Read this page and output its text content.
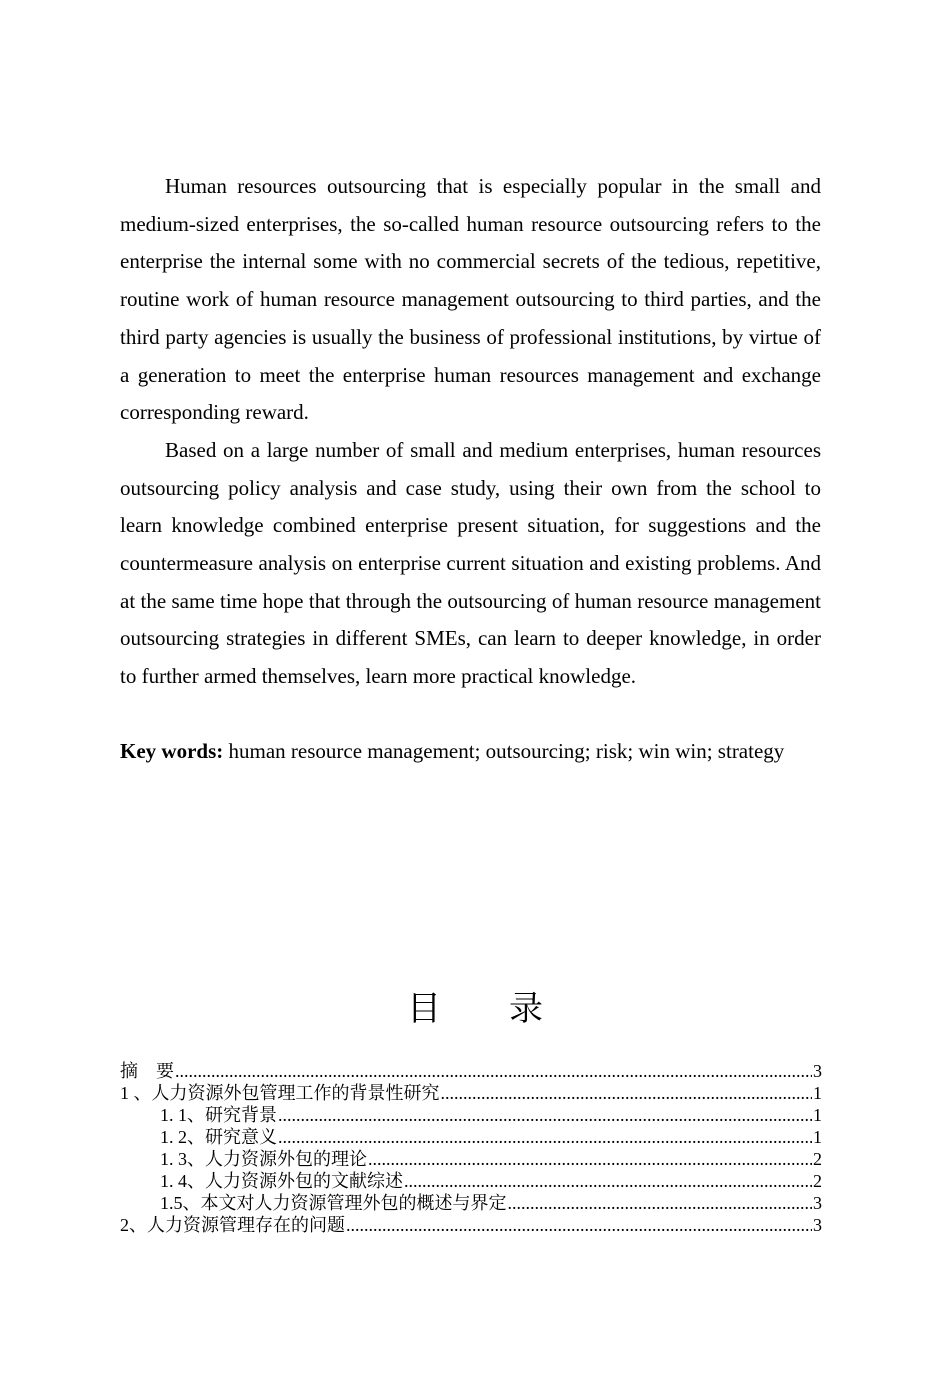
Human resources outsourcing that is especially popular in the small and medium-sized enterprises, the so-called human resource outsourcing refers to the enterprise the internal some with no commercial secrets of the tedious, repetitive, routine work of human resource management outsourcing to third parties, and the third party agencies is usually the business of professional institutions, by virtue of a generation to meet the enterprise human resources management and exchange corresponding reward.

Based on a large number of small and medium enterprises, human resources outsourcing policy analysis and case study, using their own from the school to learn knowledge combined enterprise present situation, for suggestions and the countermeasure analysis on enterprise current situation and existing problems. And at the same time hope that through the outsourcing of human resource management outsourcing strategies in different SMEs, can learn to deeper knowledge, in order to further armed themselves, learn more practical knowledge.

Key words: human resource management; outsourcing; risk; win win; strategy
目 录
摘　要 .....	3
1 、人力资源外包管理工作的背景性研究 .....	1
1. 1、研究背景 .....	1
1. 2、研究意义 .....	1
1. 3、人力资源外包的理论 .....	2
1. 4、人力资源外包的文献综述 .....	2
1.5、本文对人力资源管理外包的概述与界定 .....	3
2、人力资源管理存在的问题 .....	3
